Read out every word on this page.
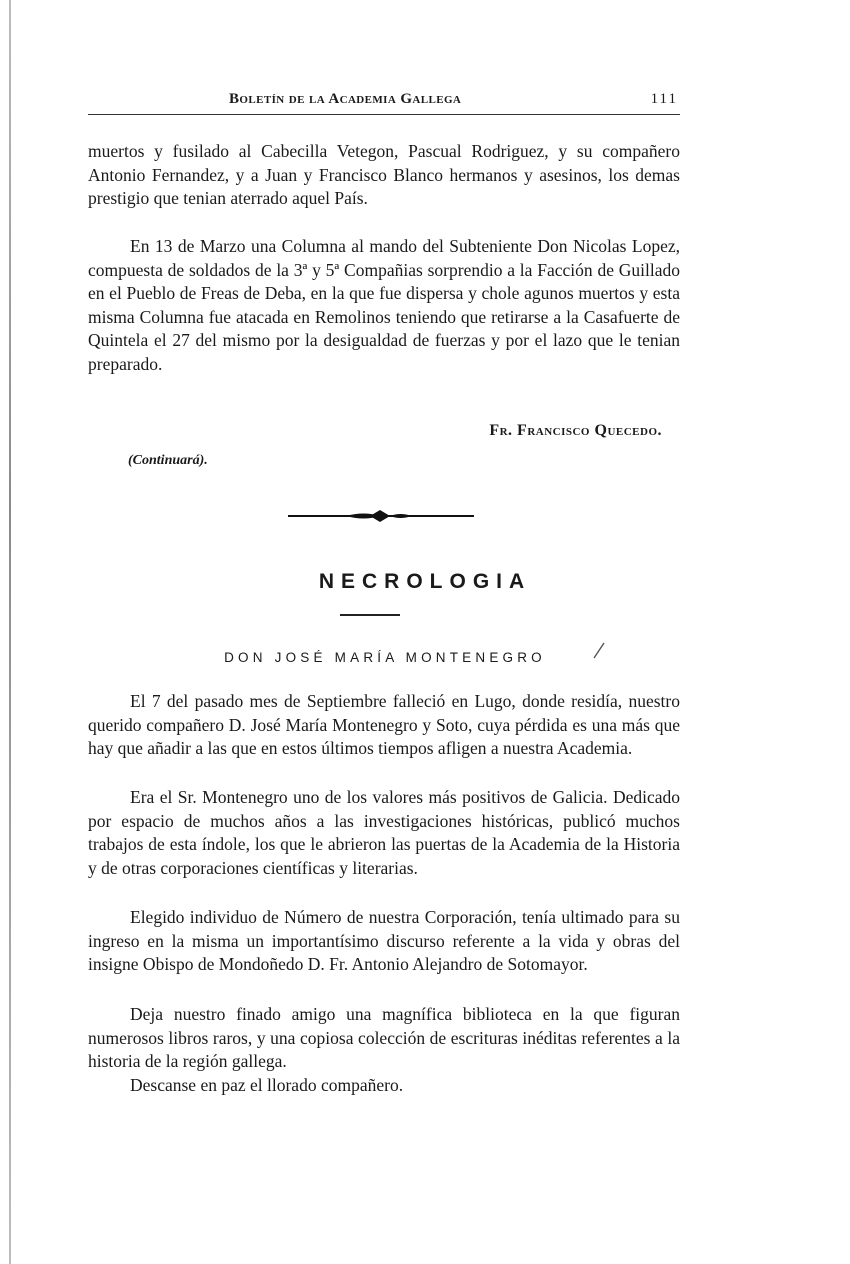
Boletín de la Academia Gallega	111

muertos y fusilado al Cabecilla Vetegon, Pascual Rodriguez, y su compañero Antonio Fernandez, y a Juan y Francisco Blanco hermanos y asesinos, los demas prestigio que tenian aterrado aquel País.

En 13 de Marzo una Columna al mando del Subteniente Don Nicolas Lopez, compuesta de soldados de la 3ª y 5ª Compañias sorprendio a la Facción de Guillado en el Pueblo de Freas de Deba, en la que fue dispersa y chole agunos muertos y esta misma Columna fue atacada en Remolinos teniendo que retirarse a la Casafuerte de Quintela el 27 del mismo por la desigualdad de fuerzas y por el lazo que le tenian preparado.

Fr. Francisco Quecedo.
(Continuará).
NECROLOGIA
DON JOSÉ MARÍA MONTENEGRO

El 7 del pasado mes de Septiembre falleció en Lugo, donde residía, nuestro querido compañero D. José María Montenegro y Soto, cuya pérdida es una más que hay que añadir a las que en estos últimos tiempos afligen a nuestra Academia.

Era el Sr. Montenegro uno de los valores más positivos de Galicia. Dedicado por espacio de muchos años a las investigaciones históricas, publicó muchos trabajos de esta índole, los que le abrieron las puertas de la Academia de la Historia y de otras corporaciones científicas y literarias.

Elegido individuo de Número de nuestra Corporación, tenía ultimado para su ingreso en la misma un importantísimo discurso referente a la vida y obras del insigne Obispo de Mondoñedo D. Fr. Antonio Alejandro de Sotomayor.

Deja nuestro finado amigo una magnífica biblioteca en la que figuran numerosos libros raros, y una copiosa colección de escrituras inéditas referentes a la historia de la región gallega.

Descanse en paz el llorado compañero.
